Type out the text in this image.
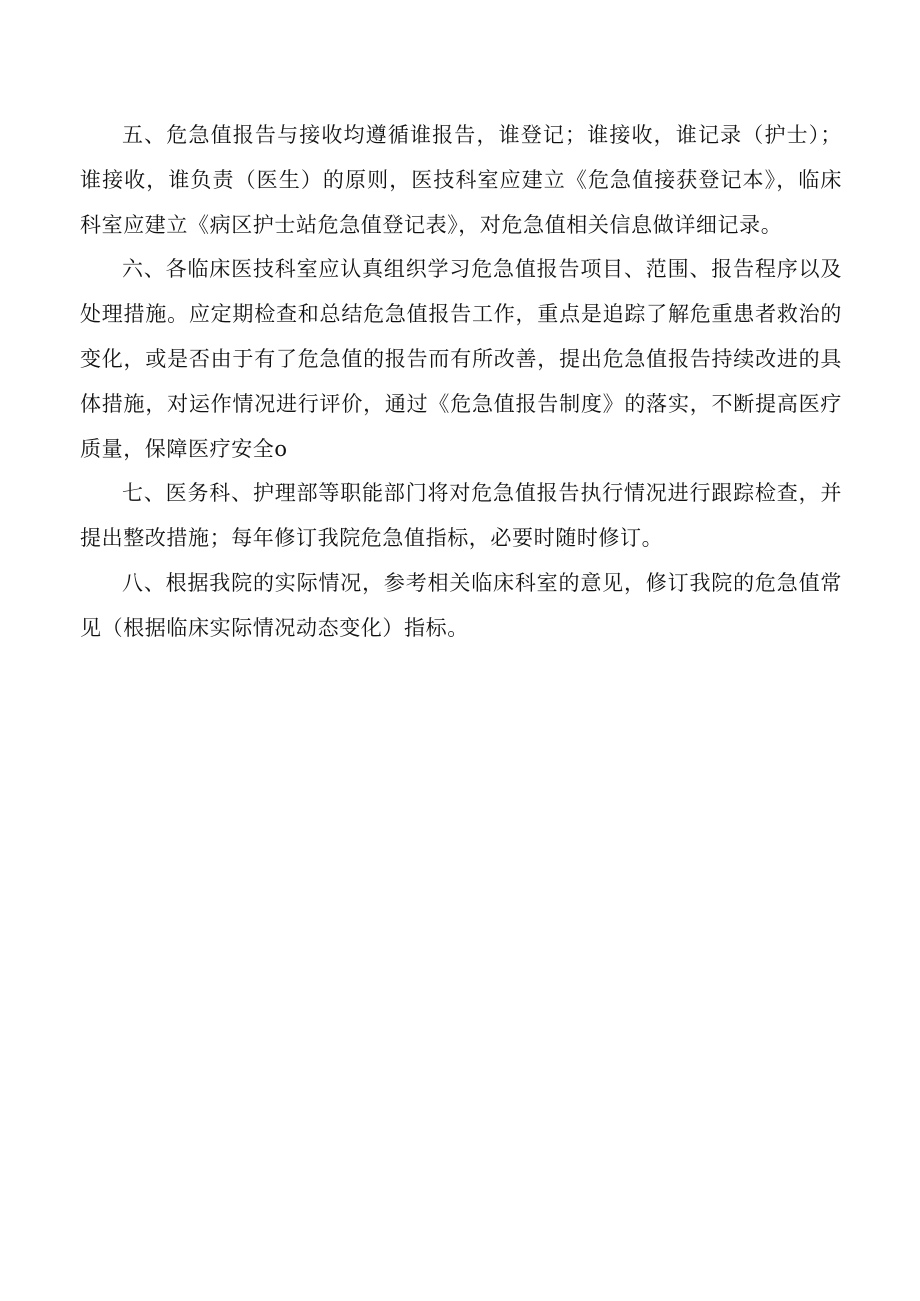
五、危急值报告与接收均遵循谁报告，谁登记；谁接收，谁记录（护士）；谁接收，谁负责（医生）的原则，医技科室应建立《危急值接获登记本》，临床科室应建立《病区护士站危急值登记表》，对危急值相关信息做详细记录。

六、各临床医技科室应认真组织学习危急值报告项目、范围、报告程序以及处理措施。应定期检查和总结危急值报告工作，重点是追踪了解危重患者救治的变化，或是否由于有了危急值的报告而有所改善，提出危急值报告持续改进的具体措施，对运作情况进行评价，通过《危急值报告制度》的落实，不断提高医疗质量，保障医疗安全o

七、医务科、护理部等职能部门将对危急值报告执行情况进行跟踪检查，并提出整改措施；每年修订我院危急值指标，必要时随时修订。

八、根据我院的实际情况，参考相关临床科室的意见，修订我院的危急值常见（根据临床实际情况动态变化）指标。
